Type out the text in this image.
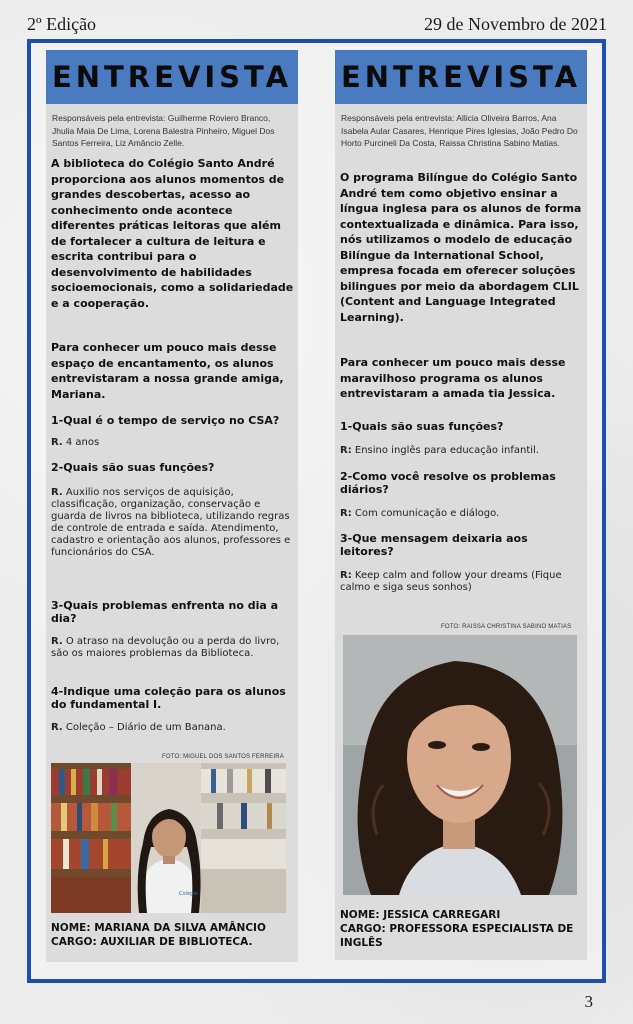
2º Edição	29 de Novembro de 2021
ENTREVISTA
Responsáveis pela entrevista: Guilherme Roviero Branco, Jhulia Maia De Lima, Lorena Balestra Pinheiro, Miguel Dos Santos Ferreira, Liz Amâncio Zelle.
A biblioteca do Colégio Santo André proporciona aos alunos momentos de grandes descobertas, acesso ao conhecimento onde acontece diferentes práticas leitoras que além de fortalecer a cultura de leitura e escrita contribui para o desenvolvimento de habilidades socioemocionais, como a solidariedade e a cooperação.
Para conhecer um pouco mais desse espaço de encantamento, os alunos entrevistaram a nossa grande amiga, Mariana.
1-Qual é o tempo de serviço no CSA?
R. 4 anos
2-Quais são suas funções?
R. Auxilio nos serviços de aquisição, classificação, organização, conservação e guarda de livros na biblioteca, utilizando regras de controle de entrada e saída. Atendimento, cadastro e orientação aos alunos, professores e funcionários do CSA.
3-Quais problemas enfrenta no dia a dia?
R. O atraso na devolução ou a perda do livro, são os maiores problemas da Biblioteca.
4-Indique uma coleção para os alunos do fundamental I.
R. Coleção – Diário de um Banana.
FOTO: MIGUEL DOS SANTOS FERREIRA
Colégio
NOME: MARIANA DA SILVA AMÂNCIO
CARGO: AUXILIAR DE BIBLIOTECA.
ENTREVISTA
Responsáveis pela entrevista: Allicia Oliveira Barros, Ana Isabela Aular Casares, Henrique Pires Iglesias, João Pedro Do Horto Purcineli Da Costa, Raissa Christina Sabino Matias.
O programa Bilíngue do Colégio Santo André tem como objetivo ensinar a língua inglesa para os alunos de forma contextualizada e dinâmica. Para isso, nós utilizamos o modelo de educação Bilíngue da International School, empresa focada em oferecer soluções bilingues por meio da abordagem CLIL (Content and Language Integrated Learning).
Para conhecer um pouco mais desse maravilhoso programa os alunos entrevistaram a amada tia Jessica.
1-Quais são suas funções?
R: Ensino inglês para educação infantil.
2-Como você resolve os problemas diários?
R: Com comunicação e diálogo.
3-Que mensagem deixaria aos leitores?
R: Keep calm and follow your dreams (Fique calmo e siga seus sonhos)
FOTO: RAISSA CHRISTINA SABINO MATIAS
NOME: JESSICA CARREGARI
CARGO: PROFESSORA ESPECIALISTA DE INGLÊS
3
